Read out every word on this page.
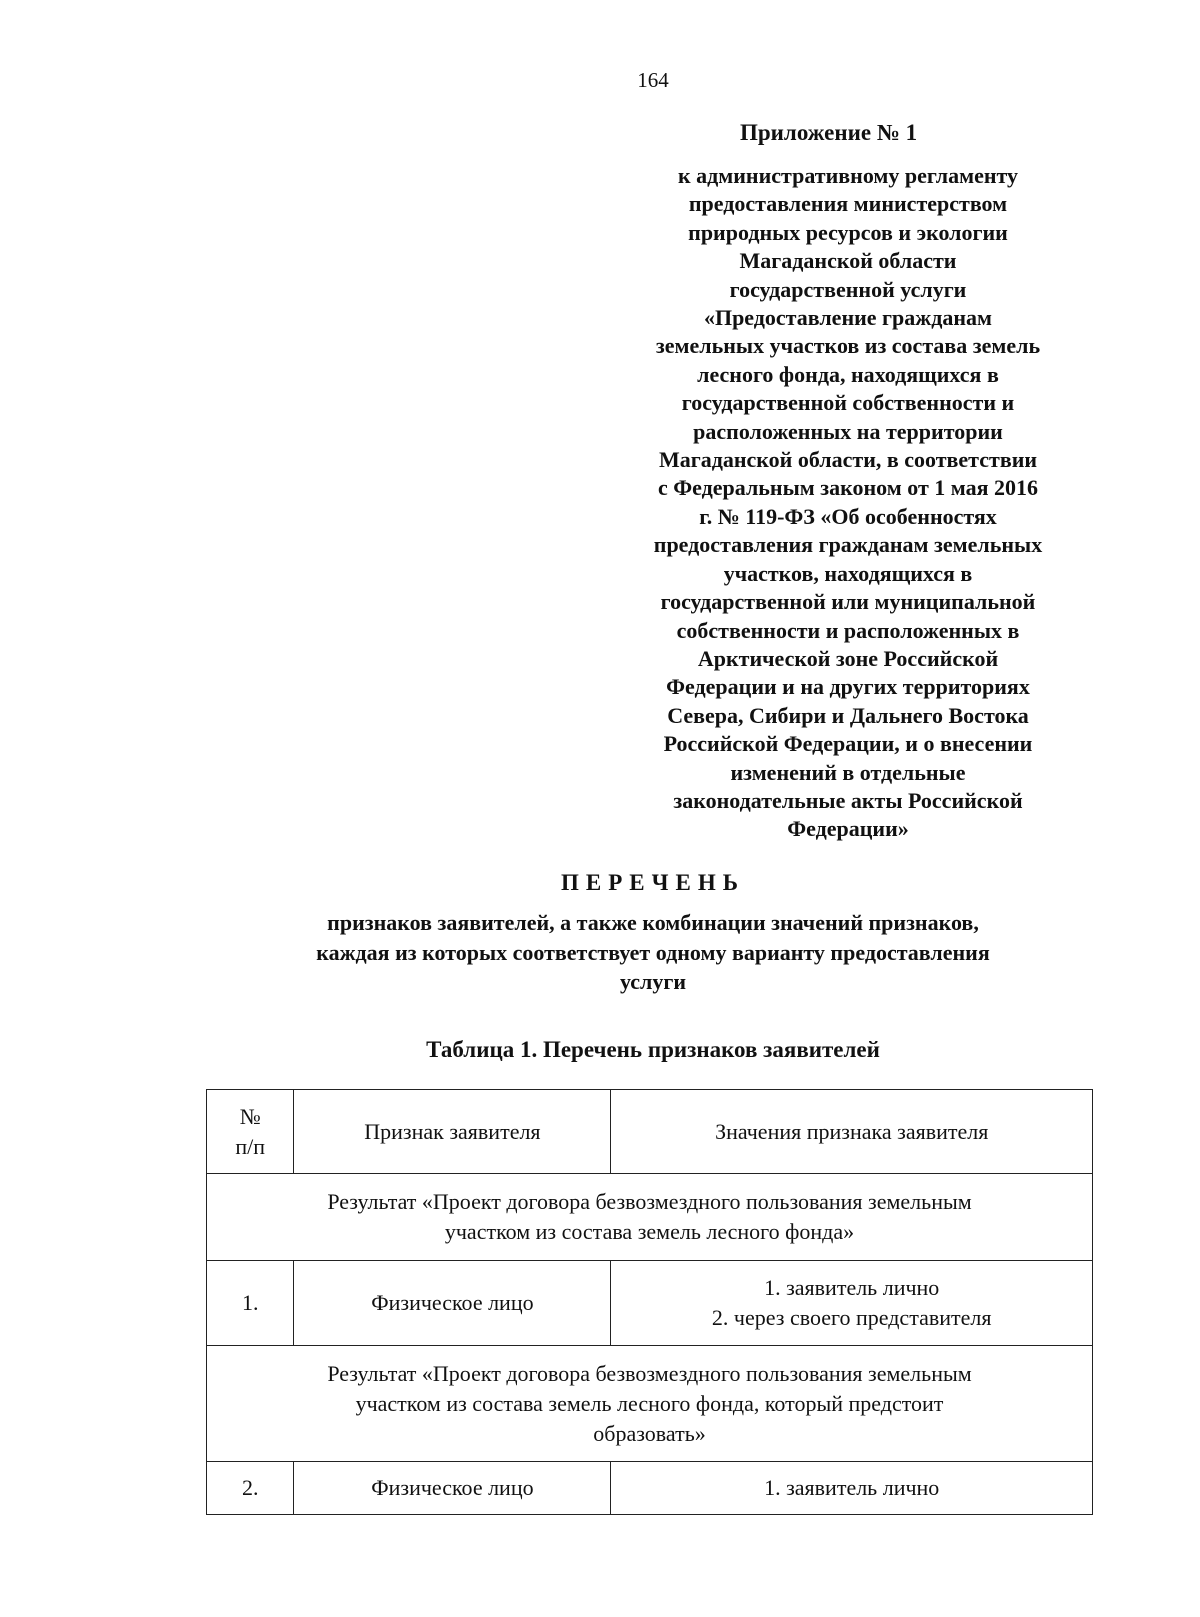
164
Приложение № 1
к административному регламенту
предоставления министерством
природных ресурсов и экологии
Магаданской области
государственной услуги
«Предоставление гражданам
земельных участков из состава земель
лесного фонда, находящихся в
государственной собственности и
расположенных на территории
Магаданской области, в соответствии
с Федеральным законом от 1 мая 2016
г. № 119-ФЗ «Об особенностях
предоставления гражданам земельных
участков, находящихся в
государственной или муниципальной
собственности и расположенных в
Арктической зоне Российской
Федерации и на других территориях
Севера, Сибири и Дальнего Востока
Российской Федерации, и о внесении
изменений в отдельные
законодательные акты Российской
Федерации»
ПЕРЕЧЕНЬ
признаков заявителей, а также комбинации значений признаков,
каждая из которых соответствует одному варианту предоставления
услуги
Таблица 1. Перечень признаков заявителей
№
п/п	Признак заявителя	Значения признака заявителя

Результат «Проект договора безвозмездного пользования земельным
участком из состава земель лесного фонда»		

1.	Физическое лицо	1. заявитель лично
2. через своего представителя

Результат «Проект договора безвозмездного пользования земельным
участком из состава земель лесного фонда, который предстоит
образовать»		

2.	Физическое лицо	1. заявитель лично
